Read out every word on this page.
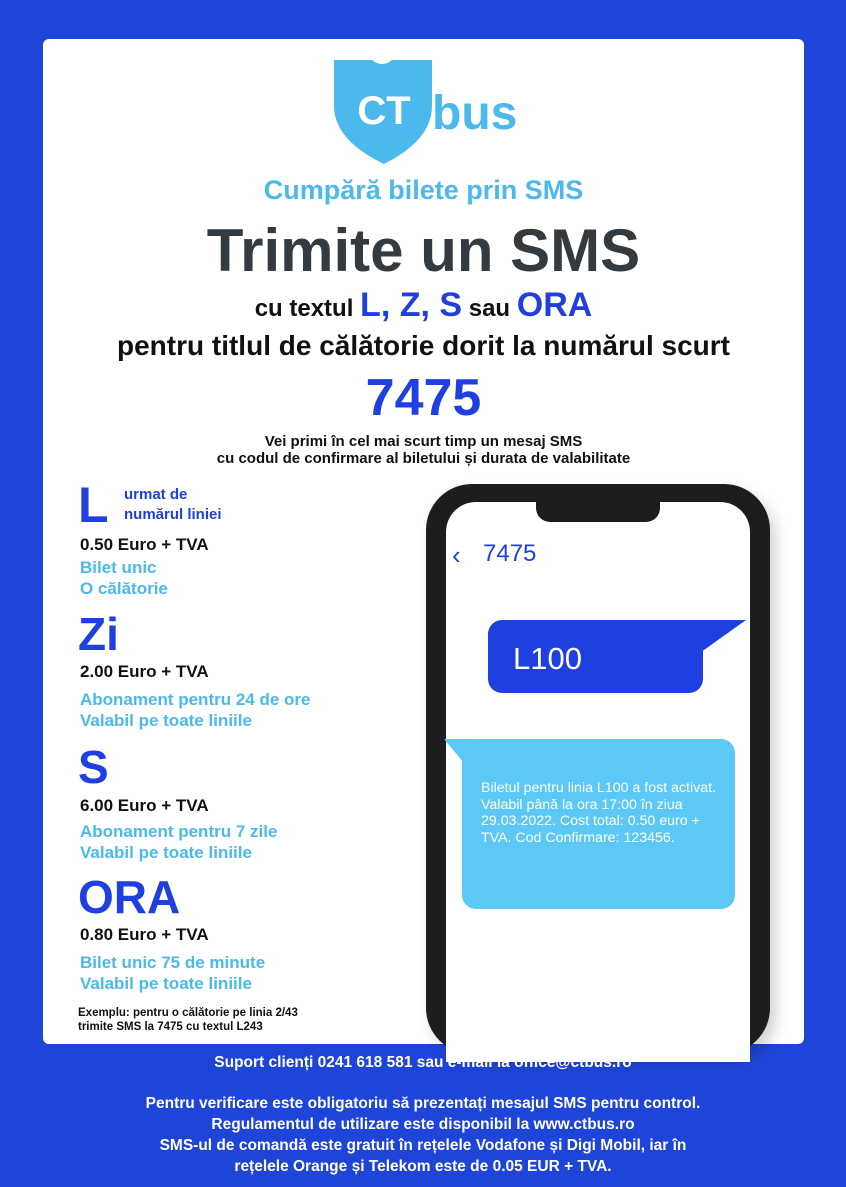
CT bus
Cumpără bilete prin SMS
Trimite un SMS
cu textul L, Z, S sau ORA
pentru titlul de călătorie dorit la numărul scurt
7475
Vei primi în cel mai scurt timp un mesaj SMS
cu codul de confirmare al biletului și durata de valabilitate
L urmat de
numărul liniei
0.50 Euro + TVA
Bilet unic
O călătorie
Zi
2.00 Euro + TVA
Abonament pentru 24 de ore
Valabil pe toate liniile
S
6.00 Euro + TVA
Abonament pentru 7 zile
Valabil pe toate liniile
ORA
0.80 Euro + TVA
Bilet unic 75 de minute
Valabil pe toate liniile
Exemplu: pentru o călătorie pe linia 2/43
trimite SMS la 7475 cu textul L243
‹ 7475
L100
Biletul pentru linia L100 a fost activat. Valabil până la ora 17:00 în ziua 29.03.2022. Cost total: 0.50 euro + TVA. Cod Confirmare: 123456.
Suport clienți 0241 618 581 sau e-mail la office@ctbus.ro
Pentru verificare este obligatoriu să prezentați mesajul SMS pentru control.
Regulamentul de utilizare este disponibil la www.ctbus.ro
SMS-ul de comandă este gratuit în rețelele Vodafone și Digi Mobil, iar în
rețelele Orange și Telekom este de 0.05 EUR + TVA.
